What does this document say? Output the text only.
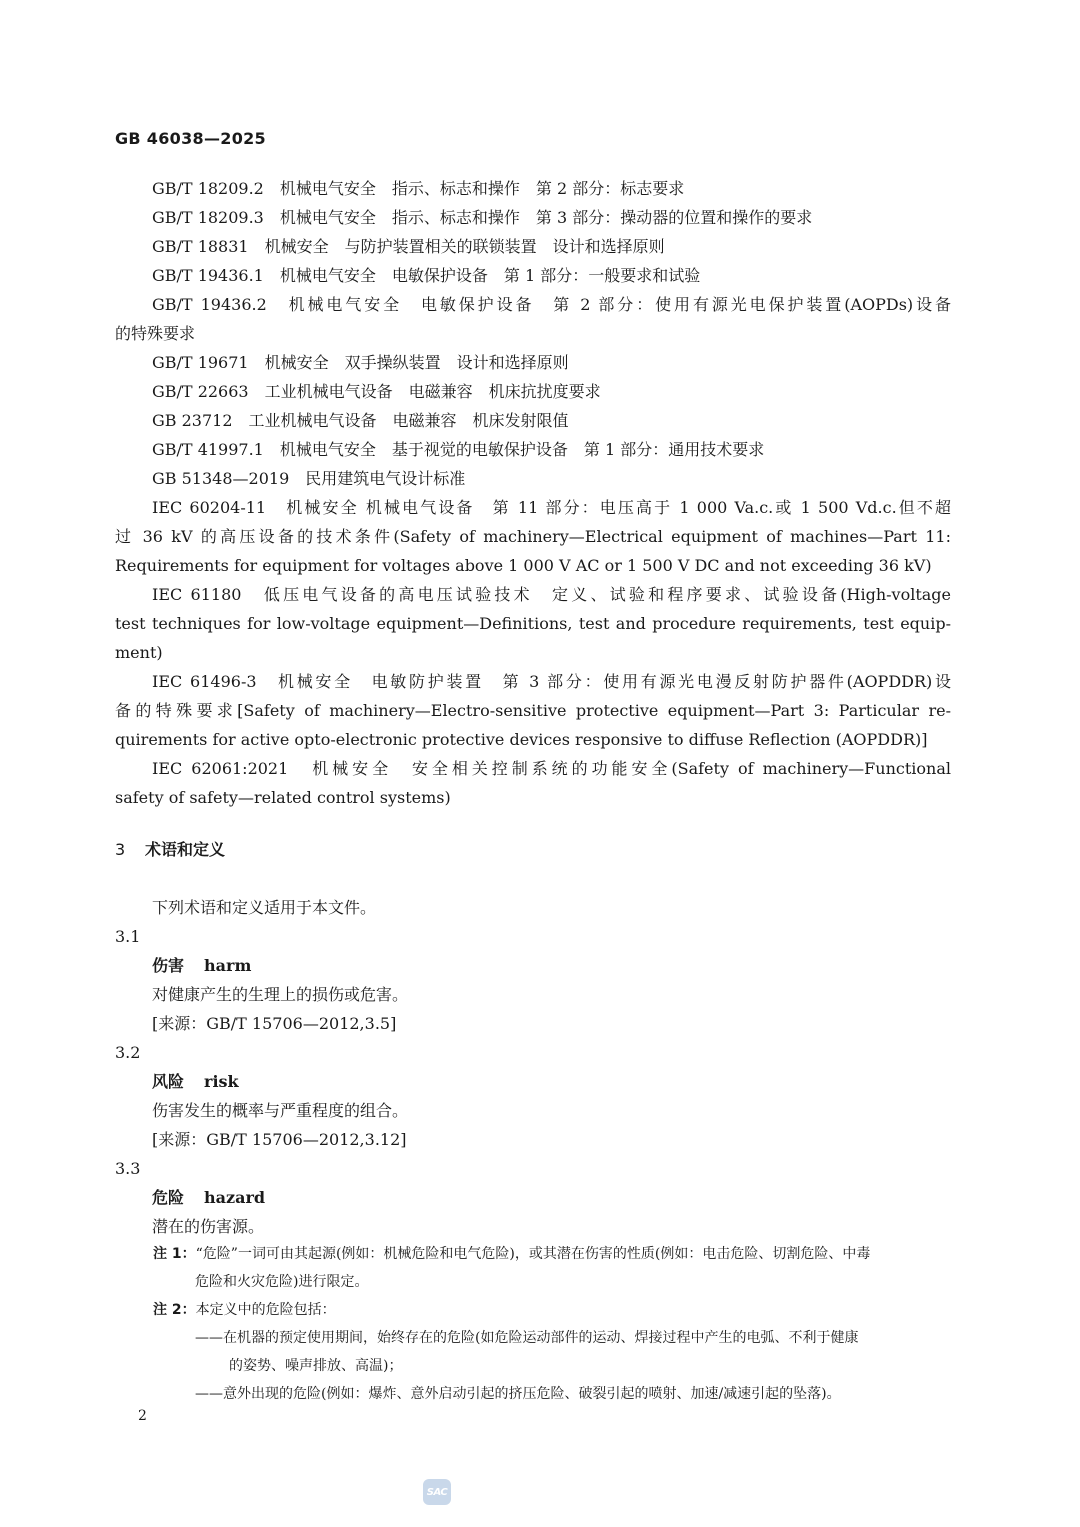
GB 46038—2025
GB/T 18209.2　机械电气安全　指示、标志和操作　第 2 部分：标志要求
GB/T 18209.3　机械电气安全　指示、标志和操作　第 3 部分：操动器的位置和操作的要求
GB/T 18831　机械安全　与防护装置相关的联锁装置　设计和选择原则
GB/T 19436.1　机械电气安全　电敏保护设备　第 1 部分：一般要求和试验
GB/T 19436.2　机械电气安全　电敏保护设备　第 2 部分：使用有源光电保护装置(AOPDs)设备
的特殊要求
GB/T 19671　机械安全　双手操纵装置　设计和选择原则
GB/T 22663　工业机械电气设备　电磁兼容　机床抗扰度要求
GB 23712　工业机械电气设备　电磁兼容　机床发射限值
GB/T 41997.1　机械电气安全　基于视觉的电敏保护设备　第 1 部分：通用技术要求
GB 51348—2019　民用建筑电气设计标准
IEC 60204-11　机械安全 机械电气设备　第 11 部分：电压高于 1 000 Va.c.或 1 500 Vd.c.但不超
过 36 kV 的高压设备的技术条件(Safety of machinery—Electrical equipment of machines—Part 11:
Requirements for equipment for voltages above 1 000 V AC or 1 500 V DC and not exceeding 36 kV)
IEC 61180　低压电气设备的高电压试验技术　定义、试验和程序要求、试验设备(High-voltage
test techniques for low-voltage equipment—Definitions, test and procedure requirements, test equip-
ment)
IEC 61496-3　机械安全　电敏防护装置　第 3 部分：使用有源光电漫反射防护器件(AOPDDR)设
备的特殊要求[Safety of machinery—Electro-sensitive protective equipment—Part 3: Particular re-
quirements for active opto-electronic protective devices responsive to diffuse Reflection (AOPDDR)]
IEC 62061:2021　机械安全　安全相关控制系统的功能安全(Safety of machinery—Functional
safety of safety—related control systems)
3 术语和定义
下列术语和定义适用于本文件。
3.1
伤害 harm
对健康产生的生理上的损伤或危害。
[来源：GB/T 15706—2012,3.5]
3.2
风险 risk
伤害发生的概率与严重程度的组合。
[来源：GB/T 15706—2012,3.12]
3.3
危险 hazard
潜在的伤害源。
注 1：“危险”一词可由其起源(例如：机械危险和电气危险)，或其潜在伤害的性质(例如：电击危险、切割危险、中毒
危险和火灾危险)进行限定。
注 2：本定义中的危险包括：
——在机器的预定使用期间，始终存在的危险(如危险运动部件的运动、焊接过程中产生的电弧、不利于健康
的姿势、噪声排放、高温)；
——意外出现的危险(例如：爆炸、意外启动引起的挤压危险、破裂引起的喷射、加速/减速引起的坠落)。
2
SAC
